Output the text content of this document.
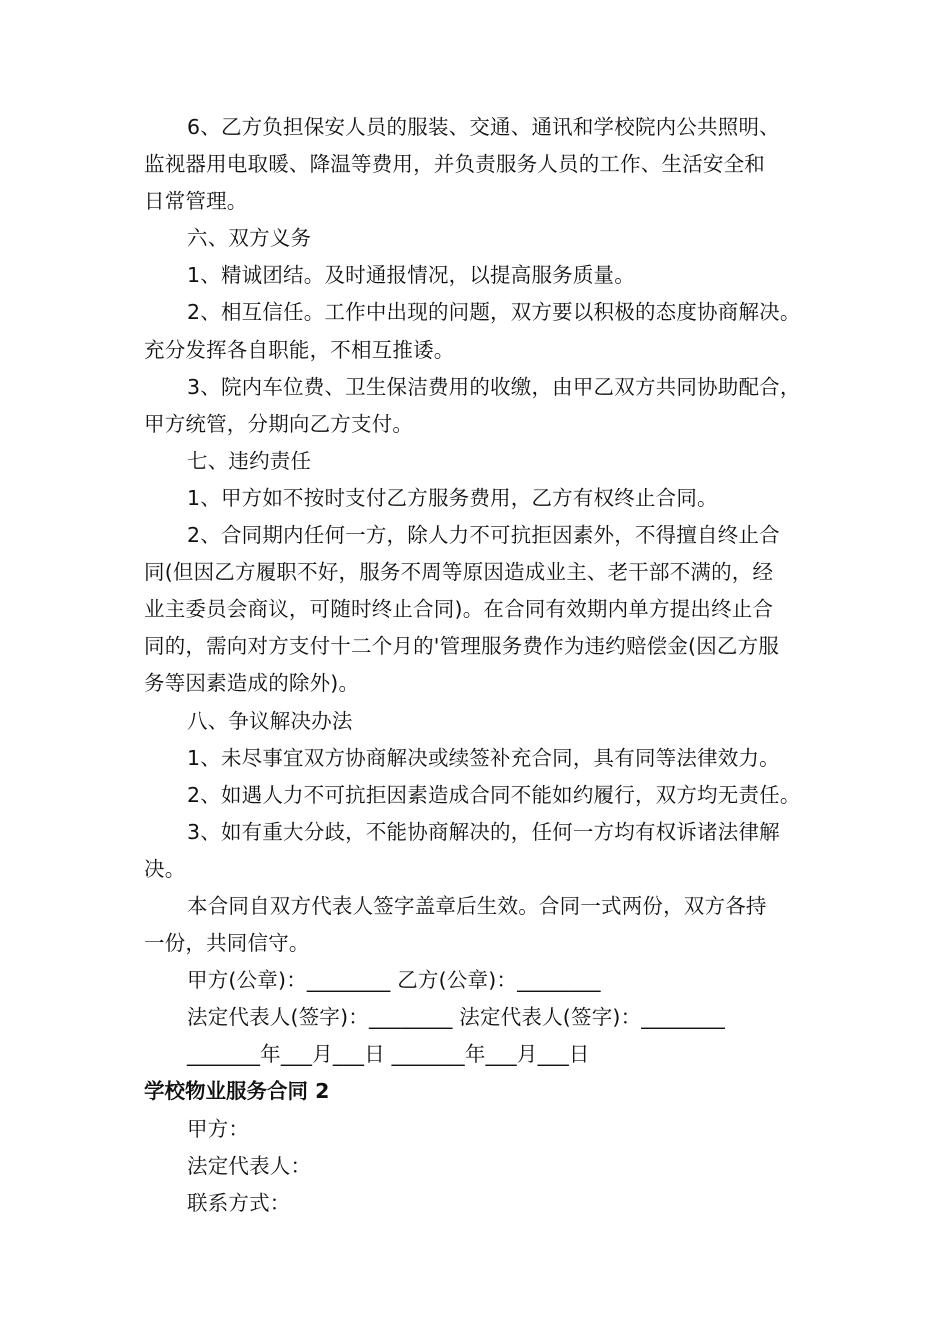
6、乙方负担保安人员的服装、交通、通讯和学校院内公共照明、
监视器用电取暖、降温等费用，并负责服务人员的工作、生活安全和
日常管理。
六、双方义务
1、精诚团结。及时通报情况，以提高服务质量。
2、相互信任。工作中出现的问题，双方要以积极的态度协商解决。
充分发挥各自职能，不相互推诿。
3、院内车位费、卫生保洁费用的收缴，由甲乙双方共同协助配合，
甲方统管，分期向乙方支付。
七、违约责任
1、甲方如不按时支付乙方服务费用，乙方有权终止合同。
2、合同期内任何一方，除人力不可抗拒因素外，不得擅自终止合
同(但因乙方履职不好，服务不周等原因造成业主、老干部不满的，经
业主委员会商议，可随时终止合同)。在合同有效期内单方提出终止合
同的，需向对方支付十二个月的'管理服务费作为违约赔偿金(因乙方服
务等因素造成的除外)。
八、争议解决办法
1、未尽事宜双方协商解决或续签补充合同，具有同等法律效力。
2、如遇人力不可抗拒因素造成合同不能如约履行，双方均无责任。
3、如有重大分歧，不能协商解决的，任何一方均有权诉诸法律解
决。
本合同自双方代表人签字盖章后生效。合同一式两份，双方各持
一份，共同信守。
甲方(公章)：________ 乙方(公章)：________
法定代表人(签字)：________ 法定代表人(签字)：________
_______年___月___日 _______年___月___日
学校物业服务合同 2
甲方：
法定代表人：
联系方式：
